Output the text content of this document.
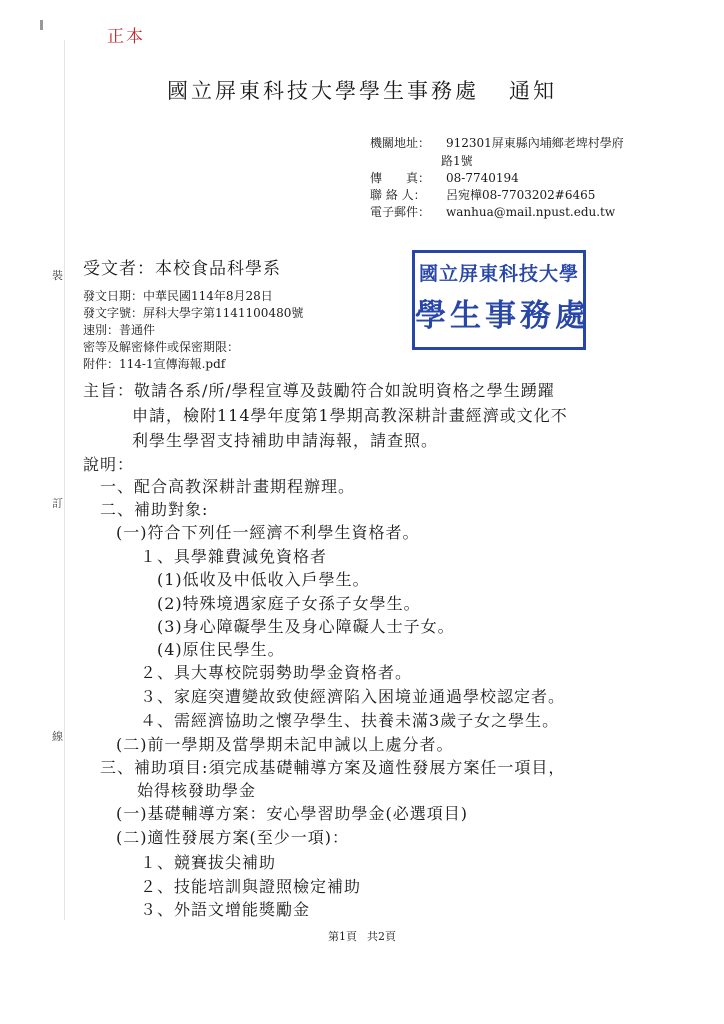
正本
國立屏東科技大學學生事務處 通知
機關地址： 912301屏東縣內埔鄉老埤村學府
路1號
傳　　真： 08-7740194
聯 絡 人： 呂宛樺08-7703202#6465
電子郵件： wanhua@mail.npust.edu.tw
受文者：本校食品科學系
發文日期：中華民國114年8月28日
發文字號：屏科大學字第1141100480號
速別：普通件
密等及解密條件或保密期限：
附件：114-1宣傳海報.pdf
國立屏東科技大學
學生事務處
主旨：敬請各系/所/學程宣導及鼓勵符合如說明資格之學生踴躍
申請，檢附114學年度第1學期高教深耕計畫經濟或文化不
利學生學習支持補助申請海報，請查照。
說明：
一、配合高教深耕計畫期程辦理。
二、補助對象:
(一)符合下列任一經濟不利學生資格者。
１、具學雜費減免資格者
(1)低收及中低收入戶學生。
(2)特殊境遇家庭子女孫子女學生。
(3)身心障礙學生及身心障礙人士子女。
(4)原住民學生。
２、具大專校院弱勢助學金資格者。
３、家庭突遭變故致使經濟陷入困境並通過學校認定者。
４、需經濟協助之懷孕學生、扶養未滿3歲子女之學生。
(二)前一學期及當學期未記申誡以上處分者。
三、補助項目:須完成基礎輔導方案及適性發展方案任一項目，
始得核發助學金
(一)基礎輔導方案：安心學習助學金(必選項目)
(二)適性發展方案(至少一項)：
１、競賽拔尖補助
２、技能培訓與證照檢定補助
３、外語文增能獎勵金
第1頁 共2頁
裝
訂
線
